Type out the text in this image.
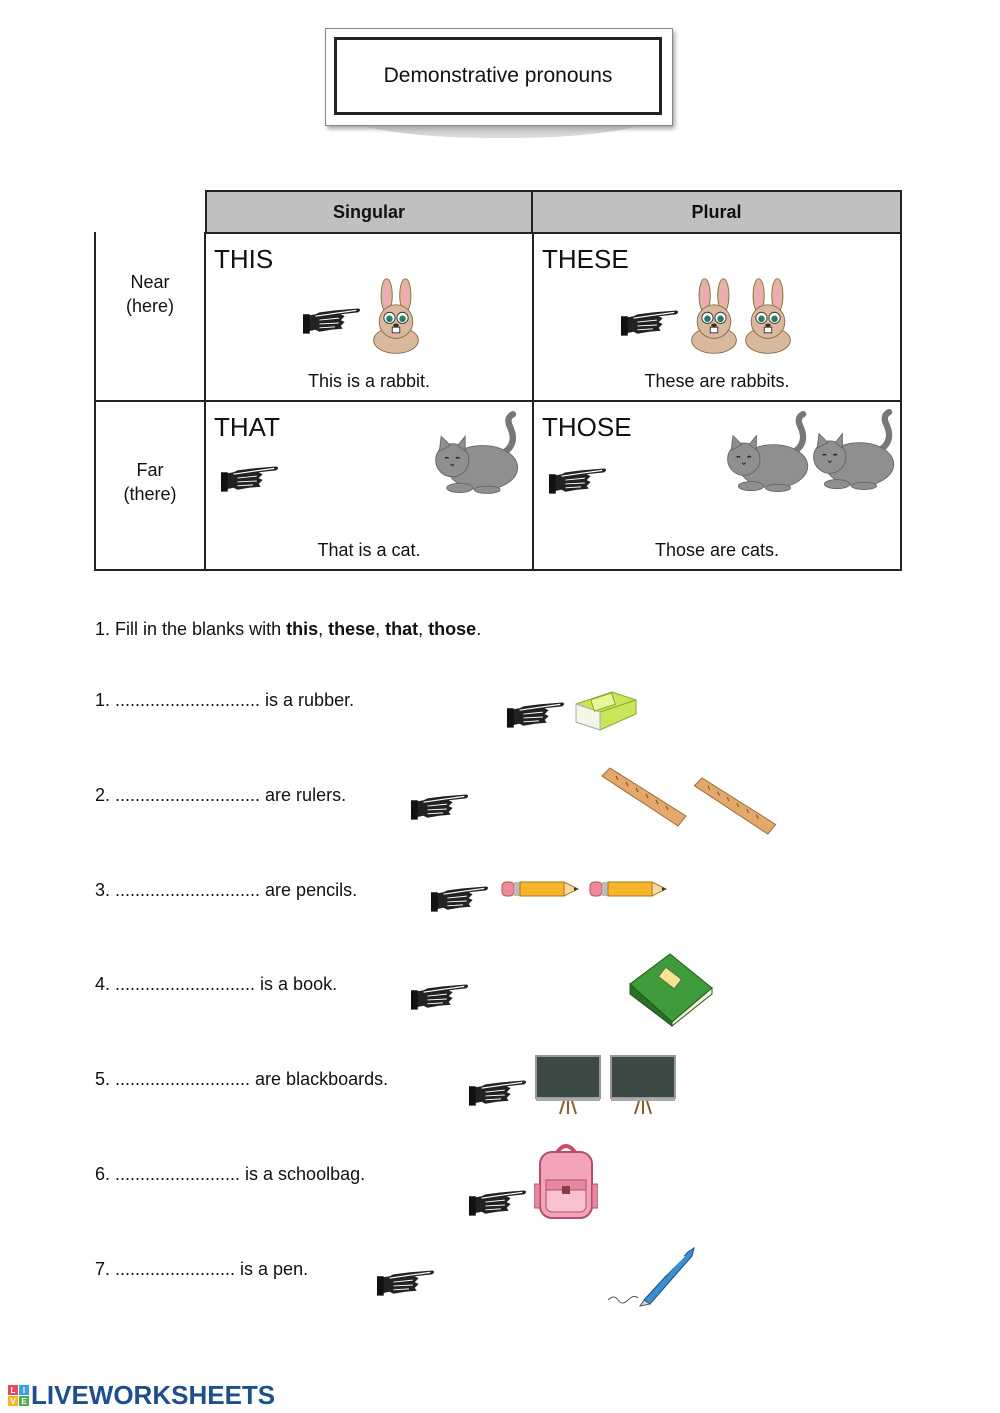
Demonstrative pronouns
Singular	Plural
Near
(here)
THIS
This is a rabbit.
THESE
These are rabbits.
Far
(there)
THAT
That is a cat.
THOSE
Those are cats.
1. Fill in the blanks with this, these, that, those.
1. ............................. is a rubber.
2. ............................. are rulers.
3. ............................. are pencils.
4. ............................ is a book.
5. ........................... are blackboards.
6. ......................... is a schoolbag.
7. ........................ is a pen.
L I
V E LIVEWORKSHEETS
